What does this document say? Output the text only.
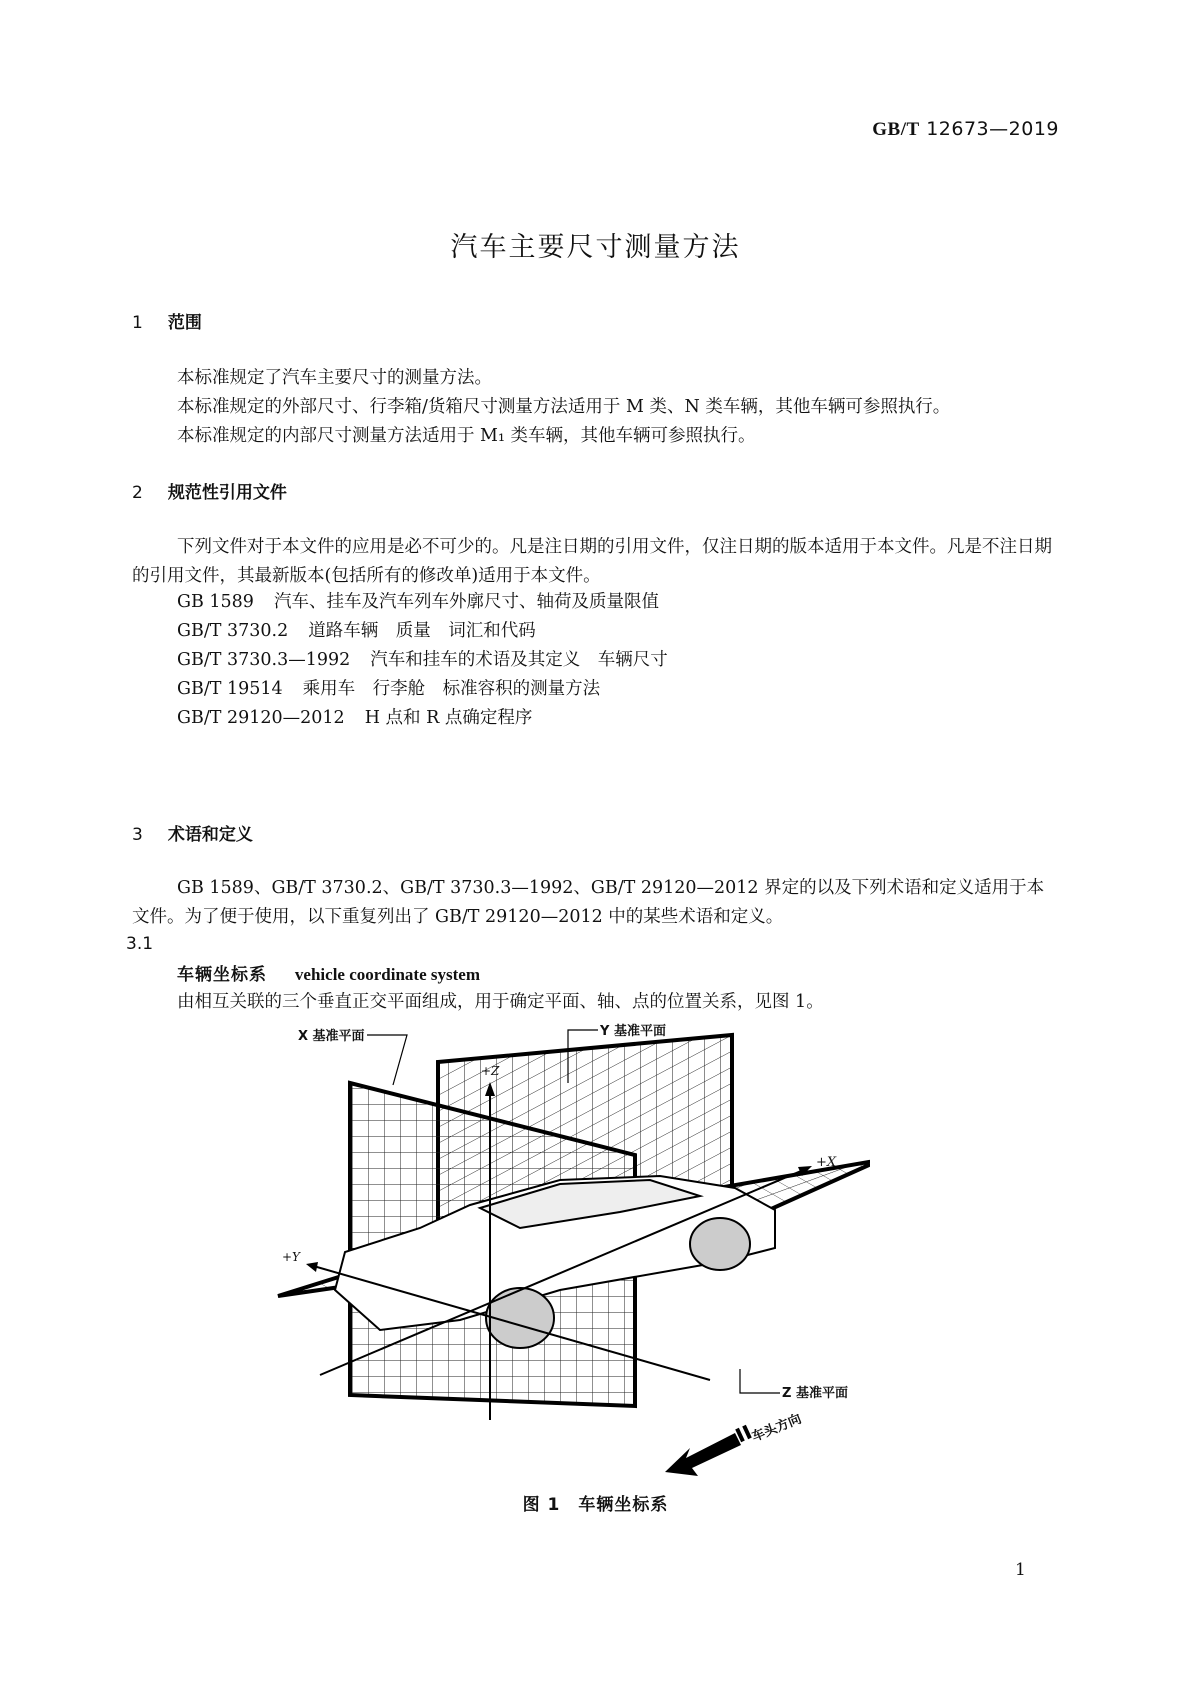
GB/T 12673—2019
汽车主要尺寸测量方法
1 范围

本标准规定了汽车主要尺寸的测量方法。

本标准规定的外部尺寸、行李箱/货箱尺寸测量方法适用于 M 类、N 类车辆，其他车辆可参照执行。

本标准规定的内部尺寸测量方法适用于 M₁ 类车辆，其他车辆可参照执行。

2 规范性引用文件

下列文件对于本文件的应用是必不可少的。凡是注日期的引用文件，仅注日期的版本适用于本文件。凡是不注日期的引用文件，其最新版本(包括所有的修改单)适用于本文件。

GB 1589 汽车、挂车及汽车列车外廓尺寸、轴荷及质量限值
GB/T 3730.2 道路车辆　质量　词汇和代码
GB/T 3730.3—1992 汽车和挂车的术语及其定义　车辆尺寸
GB/T 19514 乘用车　行李舱　标准容积的测量方法
GB/T 29120—2012 H 点和 R 点确定程序
3 术语和定义

GB 1589、GB/T 3730.2、GB/T 3730.3—1992、GB/T 29120—2012 界定的以及下列术语和定义适用于本文件。为了便于使用，以下重复列出了 GB/T 29120—2012 中的某些术语和定义。

3.1
车辆坐标系 vehicle coordinate system
由相互关联的三个垂直正交平面组成，用于确定平面、轴、点的位置关系，见图 1。
X 基准平面	Y 基准平面
Z 基准平面
+Z
+X
+Y
车头方向
图 1　车辆坐标系
1
